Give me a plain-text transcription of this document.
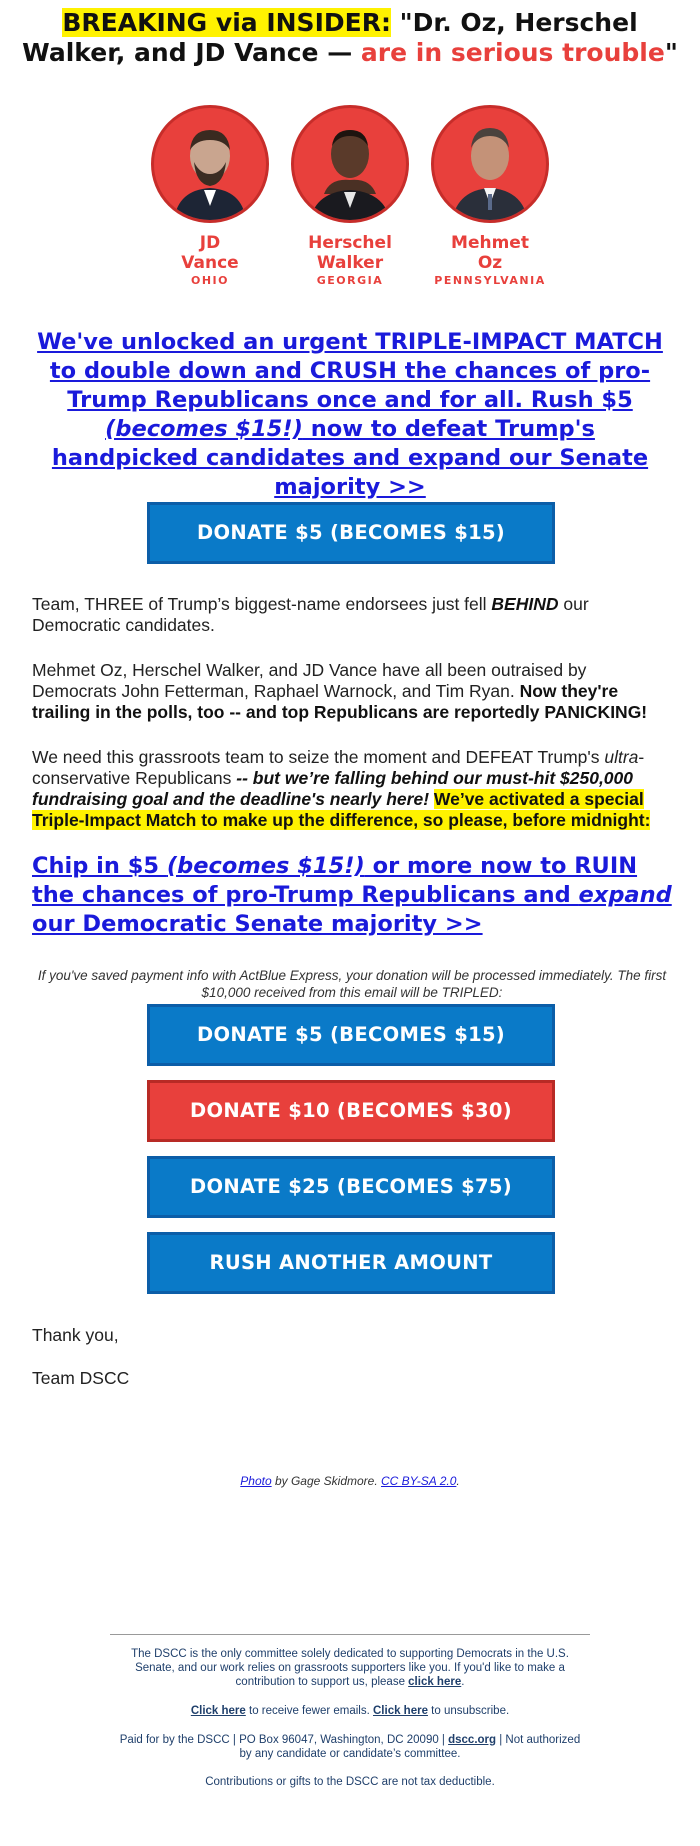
BREAKING via INSIDER: "Dr. Oz, Herschel Walker, and JD Vance — are in serious trouble"
JD
Vance
OHIO
Herschel
Walker
GEORGIA
Mehmet
Oz
PENNSYLVANIA
We've unlocked an urgent TRIPLE-IMPACT MATCH to double down and CRUSH the chances of pro-Trump Republicans once and for all. Rush $5 (becomes $15!) now to defeat Trump's handpicked candidates and expand our Senate majority >>
DONATE $5 (BECOMES $15)
Team, THREE of Trump’s biggest-name endorsees just fell BEHIND our Democratic candidates.
Mehmet Oz, Herschel Walker, and JD Vance have all been outraised by Democrats John Fetterman, Raphael Warnock, and Tim Ryan. Now they're trailing in the polls, too -- and top Republicans are reportedly PANICKING!
We need this grassroots team to seize the moment and DEFEAT Trump's ultra-conservative Republicans -- but we’re falling behind our must-hit $250,000 fundraising goal and the deadline's nearly here! We’ve activated a special Triple-Impact Match to make up the difference, so please, before midnight:
Chip in $5 (becomes $15!) or more now to RUIN the chances of pro-Trump Republicans and expand our Democratic Senate majority >>
If you've saved payment info with ActBlue Express, your donation will be processed immediately. The first $10,000 received from this email will be TRIPLED:
DONATE $5 (BECOMES $15)
DONATE $10 (BECOMES $30)
DONATE $25 (BECOMES $75)
RUSH ANOTHER AMOUNT
Thank you,
Team DSCC
Photo by Gage Skidmore. CC BY-SA 2.0.
The DSCC is the only committee solely dedicated to supporting Democrats in the U.S. Senate, and our work relies on grassroots supporters like you. If you'd like to make a contribution to support us, please click here.
Click here to receive fewer emails. Click here to unsubscribe.
Paid for by the DSCC | PO Box 96047, Washington, DC 20090 | dscc.org | Not authorized by any candidate or candidate’s committee.
Contributions or gifts to the DSCC are not tax deductible.
